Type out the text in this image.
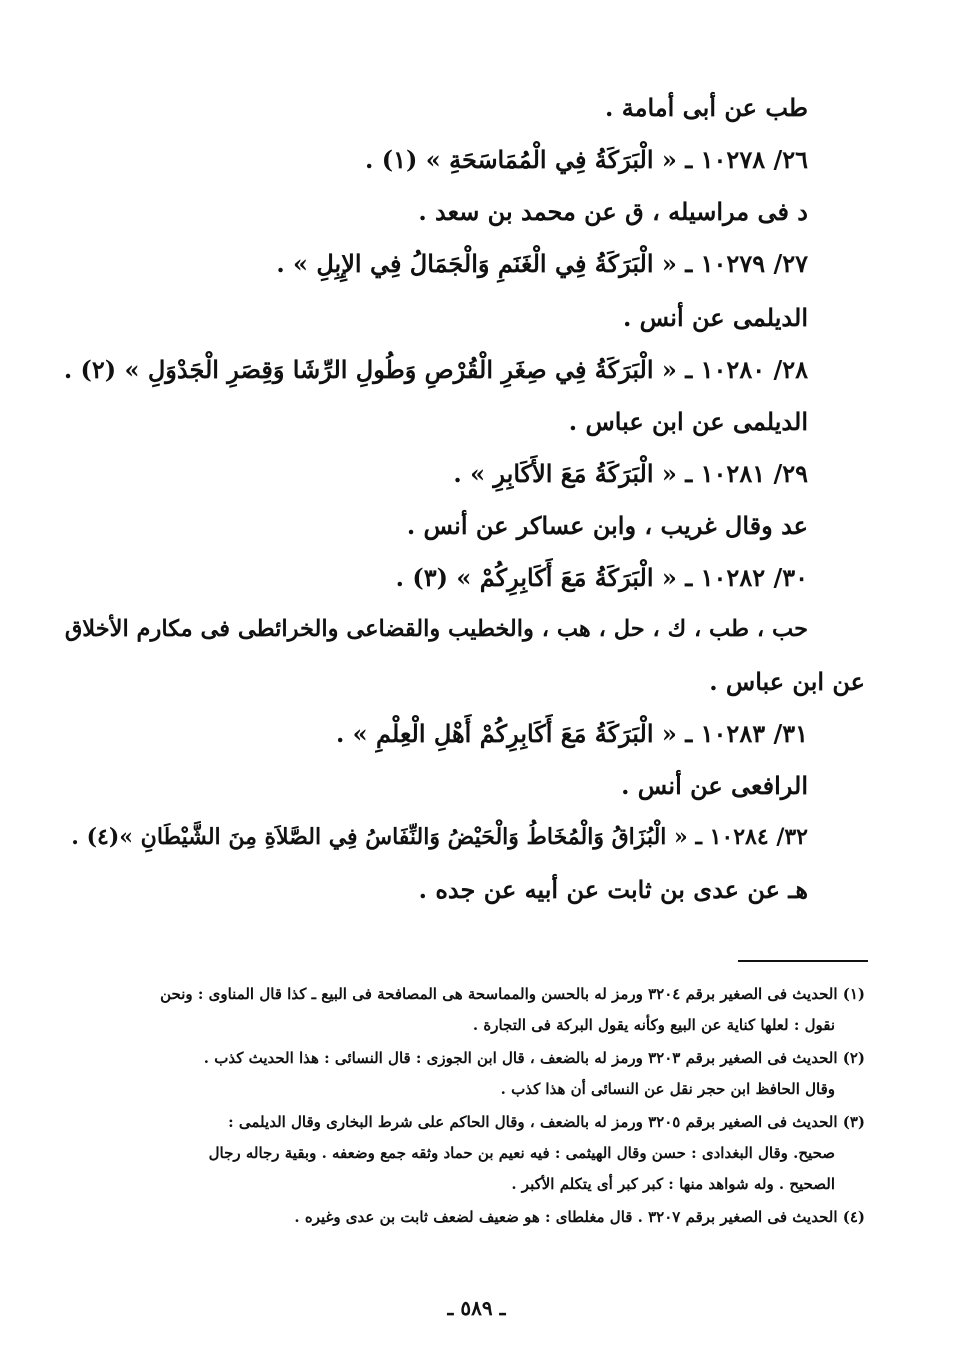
طب عن أبى أمامة .
٢٦/ ١٠٢٧٨ ـ « الْبَرَكَةُ فِي الْمُمَاسَحَةِ » (١) .
د فى مراسيله ، ق عن محمد بن سعد .
٢٧/ ١٠٢٧٩ ـ « الْبَرَكَةُ فِي الْغَنَمِ وَالْجَمَالُ فِي الإِبِلِ » .
الديلمى عن أنس .
٢٨/ ١٠٢٨٠ ـ « الْبَرَكَةُ فِي صِغَرِ الْقُرْصِ وَطُولِ الرِّشَا وَقِصَرِ الْجَدْوَلِ » (٢) .
الديلمى عن ابن عباس .
٢٩/ ١٠٢٨١ ـ « الْبَرَكَةُ مَعَ الأَكَابِرِ » .
عد وقال غريب ، وابن عساكر عن أنس .
٣٠/ ١٠٢٨٢ ـ « الْبَرَكَةُ مَعَ أَكَابِرِكُمْ » (٣) .
حب ، طب ، ك ، حل ، هب ، والخطيب والقضاعى والخرائطى فى مكارم الأخلاق
عن ابن عباس .
٣١/ ١٠٢٨٣ ـ « الْبَرَكَةُ مَعَ أَكَابِرِكُمْ أَهْلِ الْعِلْمِ » .
الرافعى عن أنس .
٣٢/ ١٠٢٨٤ ـ « الْبُزَاقُ وَالْمُخَاطُ وَالْحَيْضُ وَالنِّفَاسُ فِي الصَّلاَةِ مِنَ الشَّيْطَانِ »(٤) .
هـ عن عدى بن ثابت عن أبيه عن جده .
(١) الحديث فى الصغير برقم ٣٢٠٤ ورمز له بالحسن والمماسحة هى المصافحة فى البيع ـ كذا قال المناوى : ونحن
نقول : لعلها كناية عن البيع وكأنه يقول البركة فى التجارة .
(٢) الحديث فى الصغير برقم ٣٢٠٣ ورمز له بالضعف ، قال ابن الجوزى : قال النسائى : هذا الحديث كذب .
وقال الحافظ ابن حجر نقل عن النسائى أن هذا كذب .
(٣) الحديث فى الصغير برقم ٣٢٠٥ ورمز له بالضعف ، وقال الحاكم على شرط البخارى وقال الديلمى :
صحيح. وقال البغدادى : حسن وقال الهيثمى : فيه نعيم بن حماد وثقه جمع وضعفه . وبقية رجاله رجال
الصحيح . وله شواهد منها : كبر كبر أى يتكلم الأكبر .
(٤) الحديث فى الصغير برقم ٣٢٠٧ . قال مغلطاى : هو ضعيف لضعف ثابت بن عدى وغيره .
ـ ٥٨٩ ـ
